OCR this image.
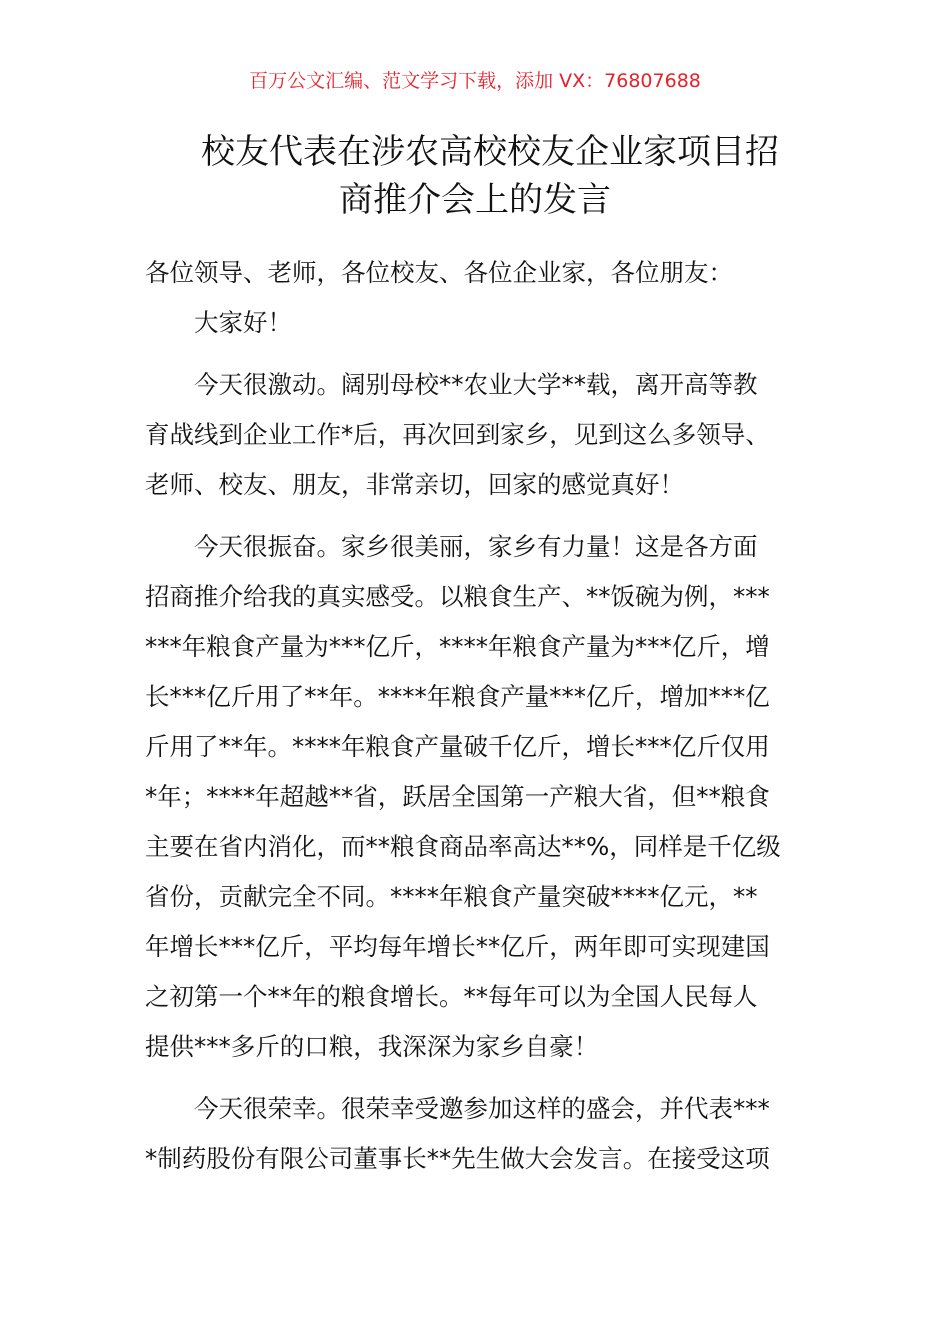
百万公文汇编、范文学习下载，添加 VX：76807688
校友代表在涉农高校校友企业家项目招
商推介会上的发言
各位领导、老师，各位校友、各位企业家，各位朋友：
大家好！
今天很激动。阔别母校**农业大学**载，离开高等教
育战线到企业工作*后，再次回到家乡，见到这么多领导、
老师、校友、朋友，非常亲切，回家的感觉真好！
今天很振奋。家乡很美丽，家乡有力量！这是各方面
招商推介给我的真实感受。以粮食生产、**饭碗为例，***
***年粮食产量为***亿斤，****年粮食产量为***亿斤，增
长***亿斤用了**年。****年粮食产量***亿斤，增加***亿
斤用了**年。****年粮食产量破千亿斤，增长***亿斤仅用
*年；****年超越**省，跃居全国第一产粮大省，但**粮食
主要在省内消化，而**粮食商品率高达**%，同样是千亿级
省份，贡献完全不同。****年粮食产量突破****亿元，**
年增长***亿斤，平均每年增长**亿斤，两年即可实现建国
之初第一个**年的粮食增长。**每年可以为全国人民每人
提供***多斤的口粮，我深深为家乡自豪！
今天很荣幸。很荣幸受邀参加这样的盛会，并代表***
*制药股份有限公司董事长**先生做大会发言。在接受这项
